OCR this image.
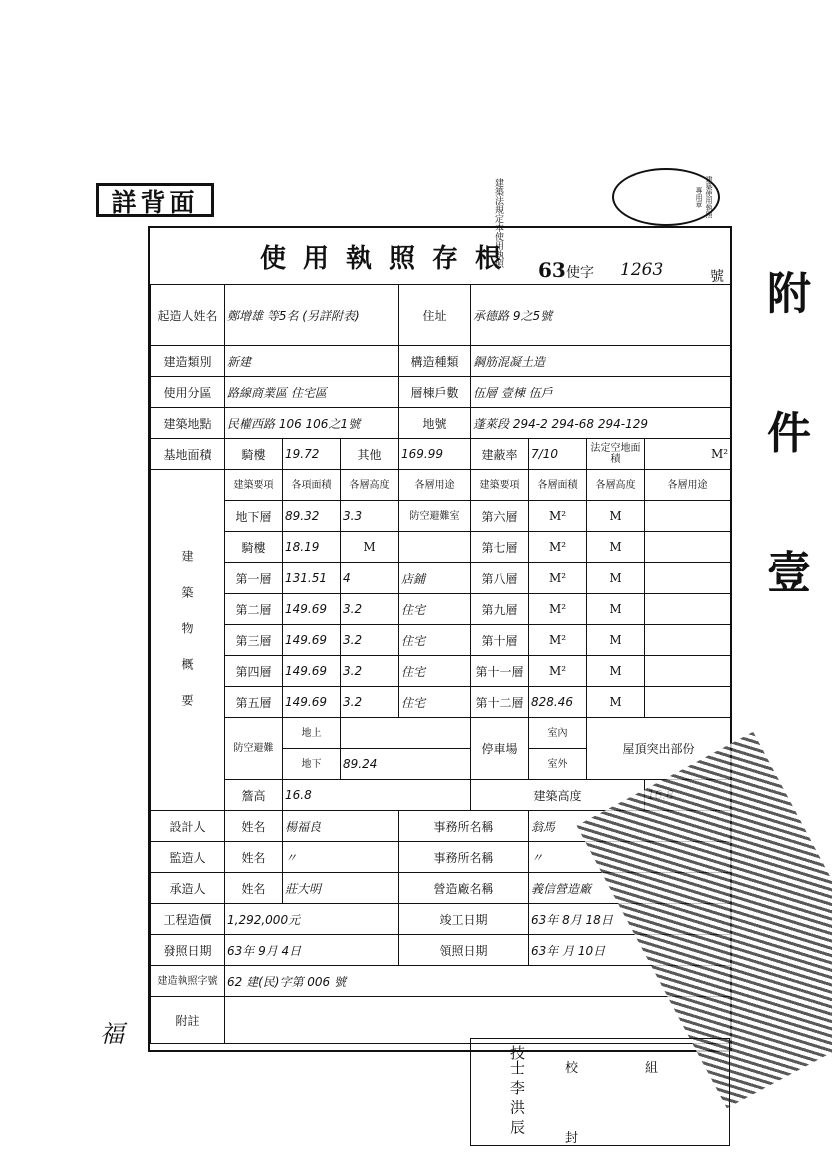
詳背面	建築法規定本使用執照	建築使用執照專用章
使用執照存根 63 使字 1263	號
起造人姓名	鄭增雄 等5名 (另詳附表)			住址	承德路 9之5號				
建造類別	新建			構造種類	鋼筋混凝土造				
使用分區	路線商業區 住宅區			層棟戶數	伍層 壹棟 伍戶				
建築地點	民權西路 106 106之1號			地號	蓬萊段 294-2 294-68 294-129				
基地面積	騎樓	19.72	其他	169.99	建蔽率	7/10	法定空地面積	M²	
建築物概要	建築要項	各項面積	各層高度	各層用途	建築要項	各層面積	各層高度	各層用途	
	地下層	89.32	3.3	防空避難室	第六層	M²	M		
	騎樓	18.19	M		第七層	M²	M		
	第一層	131.51	4	店鋪	第八層	M²	M		
	第二層	149.69	3.2	住宅	第九層	M²	M		
	第三層	149.69	3.2	住宅	第十層	M²	M		
	第四層	149.69	3.2	住宅	第十一層	M²	M		
	第五層	149.69	3.2	住宅	第十二層	828.46	M		
	防空避難	地上			停車場	室內	屋頂突出部份	
		地下	89.24			室外			
	簷高	16.8			建築高度	
設計人	姓名	楊福良		事務所名稱		翁馬			
監造人	姓名	〃		事務所名稱		〃			
承造人	姓名	莊大明		營造廠名稱		義信營造廠			
工程造價	1,292,000元			竣工日期		63年 8月 18日			
發照日期	63年 9月 4日			領照日期		63年 月 10日			
建造執照字號	62 建(民)字第 006 號								
附註									
附 件 壹
福
技士 李 洪 辰	校	組
封
